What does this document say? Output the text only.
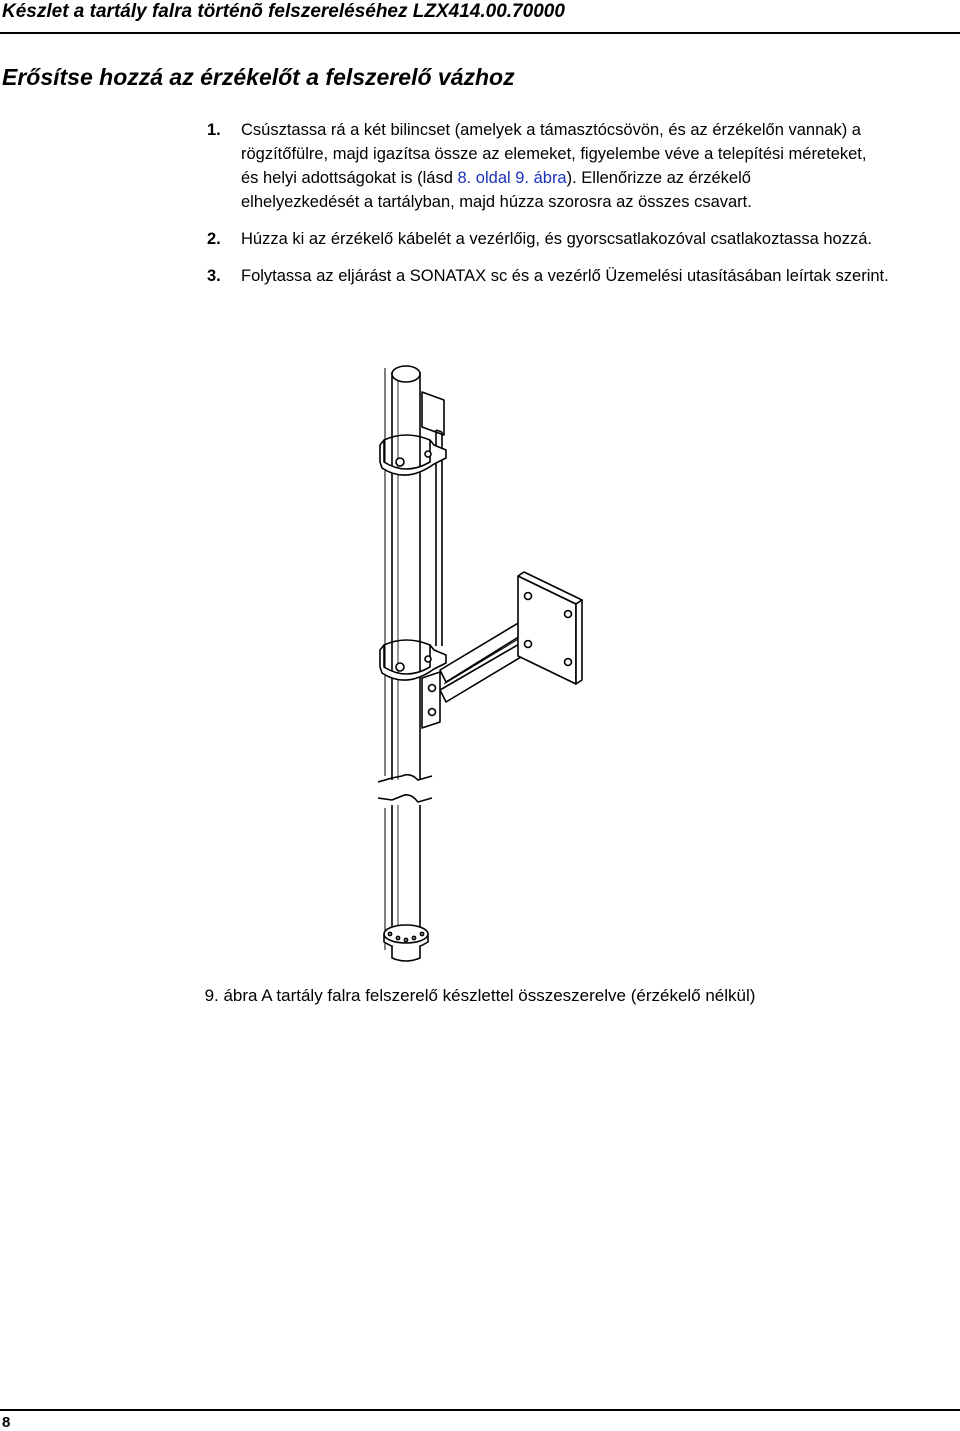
Készlet a tartály falra történõ felszereléséhez LZX414.00.70000
Erősítse hozzá az érzékelőt a felszerelő vázhoz
1. Csúsztassa rá a két bilincset (amelyek a támasztócsövön, és az érzékelőn vannak) a
rögzítőfülre, majd igazítsa össze az elemeket, figyelembe véve a telepítési méreteket,
és helyi adottságokat is (lásd 8. oldal 9. ábra). Ellenőrizze az érzékelő
elhelyezkedését a tartályban, majd húzza szorosra az összes csavart.
2. Húzza ki az érzékelő kábelét a vezérlőig, és gyorscsatlakozóval csatlakoztassa hozzá.
3. Folytassa az eljárást a SONATAX sc és a vezérlő Üzemelési utasításában leírtak szerint.
9. ábra A tartály falra felszerelő készlettel összeszerelve (érzékelő nélkül)
8
